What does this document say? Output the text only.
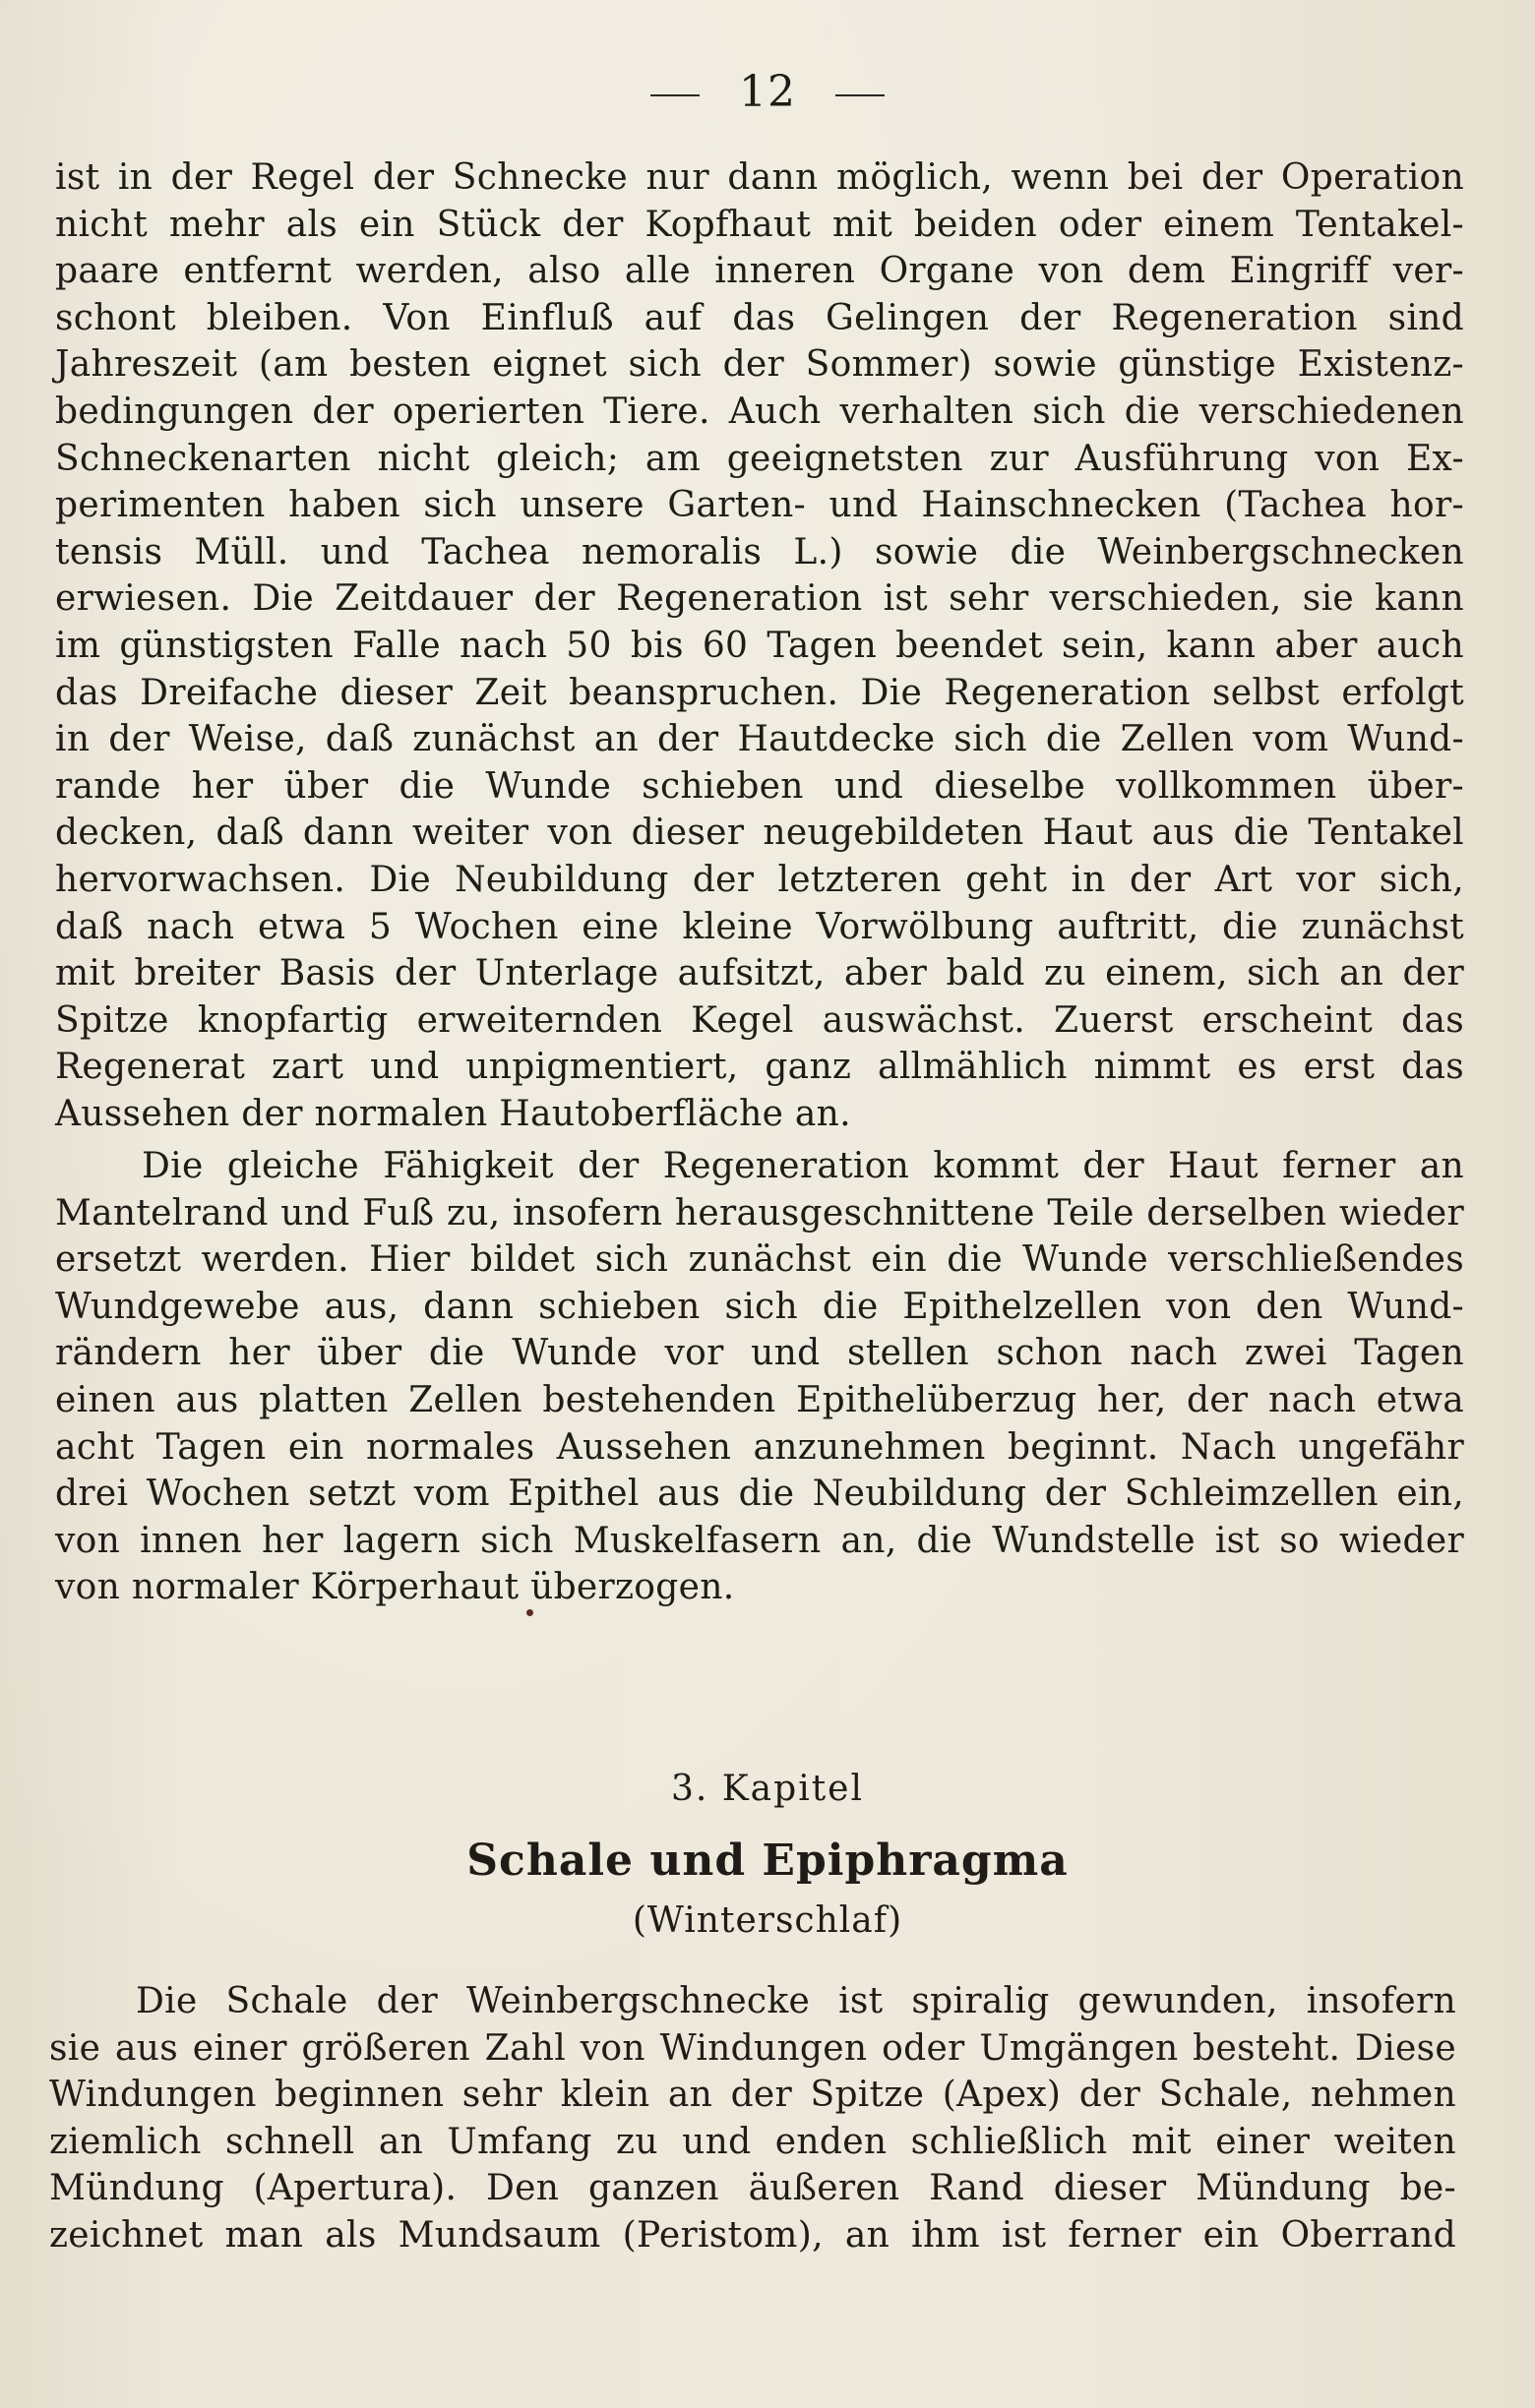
12
ist in der Regel der Schnecke nur dann möglich, wenn bei der Operation
nicht mehr als ein Stück der Kopfhaut mit beiden oder einem Tentakel-
paare entfernt werden, also alle inneren Organe von dem Eingriff ver-
schont bleiben. Von Einfluß auf das Gelingen der Regeneration sind
Jahreszeit (am besten eignet sich der Sommer) sowie günstige Existenz-
bedingungen der operierten Tiere. Auch verhalten sich die verschiedenen
Schneckenarten nicht gleich; am geeignetsten zur Ausführung von Ex-
perimenten haben sich unsere Garten- und Hainschnecken (Tachea hor-
tensis Müll. und Tachea nemoralis L.) sowie die Weinbergschnecken
erwiesen. Die Zeitdauer der Regeneration ist sehr verschieden, sie kann
im günstigsten Falle nach 50 bis 60 Tagen beendet sein, kann aber auch
das Dreifache dieser Zeit beanspruchen. Die Regeneration selbst erfolgt
in der Weise, daß zunächst an der Hautdecke sich die Zellen vom Wund-
rande her über die Wunde schieben und dieselbe vollkommen über-
decken, daß dann weiter von dieser neugebildeten Haut aus die Tentakel
hervorwachsen. Die Neubildung der letzteren geht in der Art vor sich,
daß nach etwa 5 Wochen eine kleine Vorwölbung auftritt, die zunächst
mit breiter Basis der Unterlage aufsitzt, aber bald zu einem, sich an der
Spitze knopfartig erweiternden Kegel auswächst. Zuerst erscheint das
Regenerat zart und unpigmentiert, ganz allmählich nimmt es erst das
Aussehen der normalen Hautoberfläche an.
Die gleiche Fähigkeit der Regeneration kommt der Haut ferner an
Mantelrand und Fuß zu, insofern herausgeschnittene Teile derselben wieder
ersetzt werden. Hier bildet sich zunächst ein die Wunde verschließendes
Wundgewebe aus, dann schieben sich die Epithelzellen von den Wund-
rändern her über die Wunde vor und stellen schon nach zwei Tagen
einen aus platten Zellen bestehenden Epithelüberzug her, der nach etwa
acht Tagen ein normales Aussehen anzunehmen beginnt. Nach ungefähr
drei Wochen setzt vom Epithel aus die Neubildung der Schleimzellen ein,
von innen her lagern sich Muskelfasern an, die Wundstelle ist so wieder
von normaler Körperhaut überzogen.
3. Kapitel
Schale und Epiphragma
(Winterschlaf)
Die Schale der Weinbergschnecke ist spiralig gewunden, insofern
sie aus einer größeren Zahl von Windungen oder Umgängen besteht. Diese
Windungen beginnen sehr klein an der Spitze (Apex) der Schale, nehmen
ziemlich schnell an Umfang zu und enden schließlich mit einer weiten
Mündung (Apertura). Den ganzen äußeren Rand dieser Mündung be-
zeichnet man als Mundsaum (Peristom), an ihm ist ferner ein Oberrand
